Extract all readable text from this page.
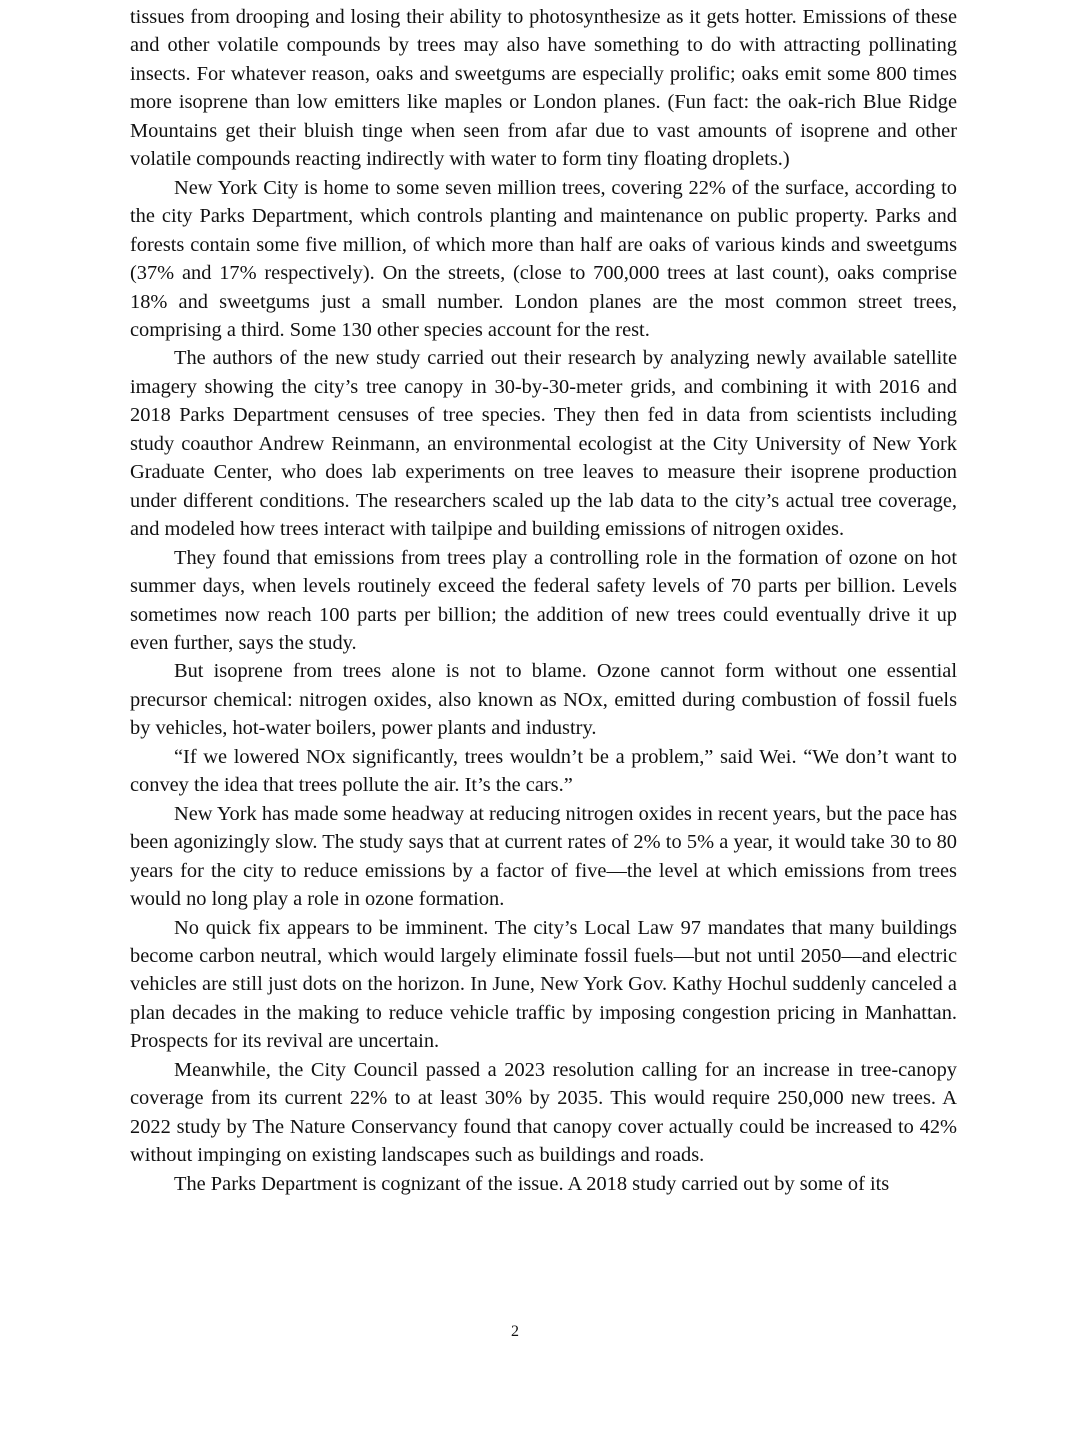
tissues from drooping and losing their ability to photosynthesize as it gets hotter. Emissions of these and other volatile compounds by trees may also have something to do with attracting pollinating insects. For whatever reason, oaks and sweetgums are especially prolific; oaks emit some 800 times more isoprene than low emitters like maples or London planes. (Fun fact: the oak-rich Blue Ridge Mountains get their bluish tinge when seen from afar due to vast amounts of isoprene and other volatile compounds reacting indirectly with water to form tiny floating droplets.)

New York City is home to some seven million trees, covering 22% of the surface, according to the city Parks Department, which controls planting and maintenance on public property. Parks and forests contain some five million, of which more than half are oaks of various kinds and sweetgums (37% and 17% respectively). On the streets, (close to 700,000 trees at last count), oaks comprise 18% and sweetgums just a small number. London planes are the most common street trees, comprising a third. Some 130 other species account for the rest.

The authors of the new study carried out their research by analyzing newly available satellite imagery showing the city’s tree canopy in 30-by-30-meter grids, and combining it with 2016 and 2018 Parks Department censuses of tree species. They then fed in data from scientists including study coauthor Andrew Reinmann, an environmental ecologist at the City University of New York Graduate Center, who does lab experiments on tree leaves to measure their isoprene production under different conditions. The researchers scaled up the lab data to the city’s actual tree coverage, and modeled how trees interact with tailpipe and building emissions of nitrogen oxides.

They found that emissions from trees play a controlling role in the formation of ozone on hot summer days, when levels routinely exceed the federal safety levels of 70 parts per billion. Levels sometimes now reach 100 parts per billion; the addition of new trees could eventually drive it up even further, says the study.

But isoprene from trees alone is not to blame. Ozone cannot form without one essential precursor chemical: nitrogen oxides, also known as NOx, emitted during combustion of fossil fuels by vehicles, hot-water boilers, power plants and industry.

“If we lowered NOx significantly, trees wouldn’t be a problem,” said Wei. “We don’t want to convey the idea that trees pollute the air. It’s the cars.”

New York has made some headway at reducing nitrogen oxides in recent years, but the pace has been agonizingly slow. The study says that at current rates of 2% to 5% a year, it would take 30 to 80 years for the city to reduce emissions by a factor of five—the level at which emissions from trees would no long play a role in ozone formation.

No quick fix appears to be imminent. The city’s Local Law 97 mandates that many buildings become carbon neutral, which would largely eliminate fossil fuels—but not until 2050—and electric vehicles are still just dots on the horizon. In June, New York Gov. Kathy Hochul suddenly canceled a plan decades in the making to reduce vehicle traffic by imposing congestion pricing in Manhattan. Prospects for its revival are uncertain.

Meanwhile, the City Council passed a 2023 resolution calling for an increase in tree-canopy coverage from its current 22% to at least 30% by 2035. This would require 250,000 new trees. A 2022 study by The Nature Conservancy found that canopy cover actually could be increased to 42% without impinging on existing landscapes such as buildings and roads.

The Parks Department is cognizant of the issue. A 2018 study carried out by some of its

2
